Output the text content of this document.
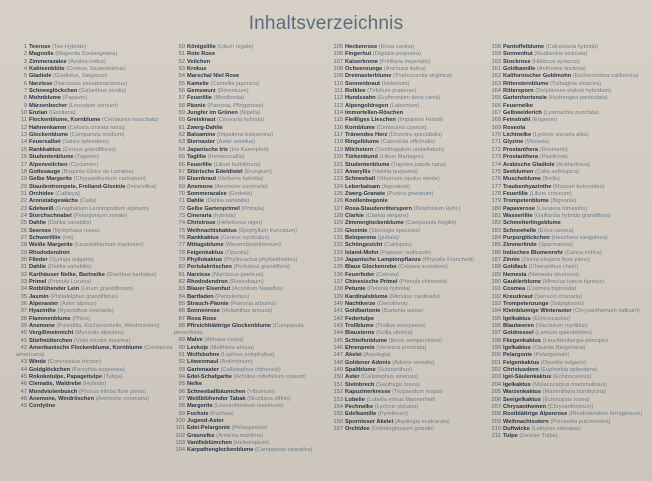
Inhaltsverzeichnis
1 Teerose (Tee-Hybride)
2 Magnolie (Magnolia Soulangeana)
3 Zimmerazalee (Azalea indica)
4 Kakteenblüte (Cereus, Saulenkaktus)
5 Gladiole (Gladiolus, Siegwurz)
6 Narzisse (Narcissus pseudonarcissus)
7 Schneeglöckchen (Galanthus nivalis)
8 Mohnblume (Papaver)
9 Märzenbecher (Leucojum vernum)
10 Enzian (Gentiana)
11 Flockenblume, Kornblume (Centaurea moschata)
12 Hahnenkamm (Celosia cristata nana)
13 Glockenblume (Campanula medium)
14 Feuersalbei (Salvia splendens)
15 Rankkaktus (Cereus grandiflorus)
16 Studentenblume (Tagetes)
17 Alpenveilchen (Cyclamen)
18 Gottesauge (Begonia Gloire de Lorraine)
19 Gelbe Margerite (Chrysanthemum carinatum)
20 Staudentrompete, Freiland-Gloxinie (Incarvillea)
21 Orchidee (Cattleya)
22 Aronstabgewächs (Calla)
23 Edelweiß (Gnaphalium Leontopodium alpinum)
24 Storchschnabel (Pelargonium zonale)
25 Dahlie (Dahlia variabilis)
26 Seerose (Nymphaea rosea)
27 Schwertlilie (Iris)
28 Weiße Margerite (Leucanthemum maximum)
29 Rhododendron
30 Flieder (Syringa vulgaris)
31 Dahlie (Dahlia variabilis)
32 Karthäuser Nelke, Bartnelke (Dianthus barbatus)
33 Primel (Primula Lucana)
34 Rotblühender Lein (Linum grandiflorum)
35 Jasmin (Philadelphus grandiflorus)
36 Alpenaster (Aster alpinus)
37 Hyazinthe (Hyacinthus orientalis)
38 Flammenblume (Phlox)
39 Anemone (Pulsatilla, Küchenschelle, Windröschen)
40 Vergißmeinnicht (Myosotis alpestris)
41 Stiefmütterchen (Viola tricolor maxima)
42 Amerikanische Flockenblume, Kornblume (Centaurea americana)
43 Winde (Convolvulus tricolor)
44 Goldglöckchen (Forsythia suspensa)
45 Rokokotulpe, Papageitulpe (Tulipa)
46 Clematis, Waldrebe (Hybride)
47 Mondviolenbusch (Prunus triloba flore pleno)
48 Anemone, Windröschen (Anemone coronaria)
49 Cordyline
50 Königslilie (Lilium regale)
51 Rote Rose
52 Veilchen
53 Krokus
54 Marschal Niel Rose
55 Kamelie (Camellia japonica)
56 Gemswurz (Doronicum)
57 Feuerlilie (Montbretia)
58 Päonie (Paeonia, Pfingstrose)
59 Jungfer im Grünen (Nigella)
60 Greiskraut (Cineraria hybrida)
61 Zwerg-Dahlie
62 Balsamine (Impatiens balsamina)
63 Sternaster (Aster amellus)
64 Japanische Iris (Iris Kaempferi)
65 Taglilie (Hemerocallis)
66 Feuerlilie (Lilium bulbiferum)
67 Sibirische Edeldistel (Eryngium)
68 Eisenkraut (Verbena hybrida)
69 Anemone (Anemone coronaria)
70 Sommerazalee (Godetia)
71 Dahlie (Dahlia variabilis)
72 Gelbe Gartenprimel (Primula)
73 Cineraria (hybrida)
74 Christrose (Helleborus niger)
75 Weihnachtskaktus (Epiphyllum truncatum)
76 Rankkaktus (Cereus nycticalus)
77 Mittagsblume (Mesembrianthemum)
78 Feigenkaktus (Opuntia)
79 Phyllokaktus (Phyllocactus phyllanthoides)
80 Portulakröschen (Portulaca grandiflora)
81 Narzisse (Narcissus poeticus)
82 Rhododendron (Rosenbaum)
83 Blauer Eisenhut (Aconitum Napellus)
84 Bartfaden (Pentstemon)
85 Strauch-Päonie (Paeonia arborea)
86 Sonnenrose (Helianthus annuus)
87 Rosa Rose
88 Pfirsichblättrige Glockenblume (Campanula persicifolia)
89 Malve (Althaea rosea)
90 Levkoje (Matthiola annua)
91 Wolfsbohne (Lupinus polyphyllus)
92 Löwenmaul (Antirrhinum)
93 Gartenaster (Callistephus chinensis)
94 Edel-Schafgarbe (Achillea millefolium roseum)
95 Nelke
96 Schneeballbäumchen (Viburnum)
97 Weißblühender Tabak (Nicotiana affinis)
98 Margerite (Leucanthemum maximum)
99 Fuchsie (Fuchsia)
100 Jugend-Aster
101 Edel-Pelargonie (Pelargonium)
102 Grasnelke (Armeria maritima)
103 Vanilleblümchen (Heliotropium)
104 Karpathenglockenblume (Campanula carpatica)
105 Heckenrose (Rosa canina)
106 Fingerhut (Digitalis purpurea)
107 Kaiserkrone (Fritillaria imperialis)
108 Ochsenzunge (Anchusa italica)
109 Dreimasterblume (Tradescantia virginica)
110 Sonnenbraut (Helenium)
111 Rotklee (Trifolium pratense)
112 Hundszahn (Erythronium dens canis)
113 Alpengoldregen (Laburnum)
114 Immortellen-Röschen
115 Fleißiges Lieschen (Impatiens Holstii)
116 Kornblume (Centaurea cyanus)
117 Tränendes Herz (Dicentra spectabilis)
118 Ringelblume (Calendula officinalis)
119 Milchstern (Ornithogalum umbellatum)
120 Türkenbund (Lilium Martagon)
121 Studentenblume (Tagetes patula nana)
122 Amaryllis (Valotta purpurea)
123 Schneeball (Viburnum opulus sterile)
124 Leberbalsam (Ageratum)
125 Zwerg-Granate (Punica granatum)
126 Knollenbegonie
127 Rosa-Staudenrittersporn (Delphinium Hybr.)
128 Clarkie (Clarkia elegans)
129 Zimmerglockenblume (Campanula fragilis)
130 Gloxinie (Sinningia speciosa)
131 Beloperone (guttata)
132 Schöngesicht (Calliopsis)
133 Island-Mohn (Papaver nudicaule)
134 Japanische Lampionpflanze (Physalis Franchetii)
135 Blaue Glockenrebe (Cobaea scandens)
136 Feuerfeder (Celosia)
137 Chinesische Primel (Primula chinensis)
138 Petunie (Petunia hybrida)
139 Kardinalsblume (Mimulus cardinalis)
140 Nachtkerze (Oenothera)
141 Goldbartonie (Bartonia aurea)
142 Federtulpe
143 Trollblume (Trollius europaeus)
144 Blausterne (Scilla sibirica)
145 Schleifenblume (Iberis sempervirens)
146 Ehrenpreis (Veronica prostrata)
147 Akelei (Aquilegia)
148 Goldener Adonis (Adonis vernalis)
149 Spaltblume (Schizanthus)
150 Aster (Callistephus sinensis)
151 Steinbrech (Saxifraga rosea)
152 Kapuzinerkresse (Tropaeolum majus)
153 Lobelie (Lobelia erinus Mannerheil)
154 Pechnelke (Lychnis viscaria)
155 Edelkamille (Pyrethrum)
156 Spornloser Akelei (Aquilegia ecalcarata)
157 Orchidee (Odontoglossum grande)
158 Pantoffelblume (Calceolaria hybrida)
159 Sonnenhut (Rudbeckia laciniata)
160 Stockrose (Hibiscus syriacus)
161 Goldkamille (Anthemis tinctoria)
162 Kalifornischer Goldmohn (Eschscholtzia californica)
163 Rittersternblume (Tulbaghia violacea)
164 Rittersporn (Delphinium elatum hybridum)
165 Gartenhortensie (Hydrangea paniculata)
166 Feuernelke
167 Gelbweiderich (Lysimachia punctata)
168 Feinstrahl (Erigeron)
169 Roseola
170 Lichtnelke (Lychnis viscaria alba)
171 Glyzine (Wistaria)
172 Prostanthera (Rosmarin)
173 Prostanthera (Pavillonia)
174 Arabische Gladiole (Acidanthera)
175 Seeblumen (Calla aethiopica)
176 Muscheblume (Bellis)
177 Traubenhyazinthe (Muscari botryoides)
178 Feuerlilie (Lilium croceum)
179 Trompetenblume (Bignonia)
180 Papaverose (Lavatera trimestris)
181 Wasserlilie (Gaillardia hybrida grandiflora)
182 Schmetterlingsblume
183 Schneehelle (Erica carnea)
184 Purpurglöckchen (Heuchera sanguinea)
185 Zimmerlinde (Sparmannia)
186 Indisches Blumenrohr (Canna indica)
187 Zinnie (Zinnia elegans flore pleno)
188 Goldlack (Cheiranthus cheiri)
189 Nemesia (Nemesia strumosa)
190 Gauklerblume (Mimulus luteus tigrinus)
191 Cosmea (Cosmea bipinnata)
192 Kreuzkraut (Senecio cineraria)
193 Trompetenzunge (Salpiglossis)
194 Kleinblumige Winteraster (Chrysanthemum indicum)
195 Igelkaktus (Echinocactus)
196 Blaubeeren (Vaccinium myrtillus)
197 Goldnessel (Lamium galeobdolon)
198 Fliegenkaktus (Leuchtenbergia principis)
199 Igelkaktus (Opuntia Bergeriana)
200 Pelargonie (Pelargonium)
201 Feigenkaktus (Opuntia vulgaris)
202 Christusdorn (Euphorbia splendens)
203 Igel-Säulenkaktus (Echinocereus)
204 Igelkaktus (Malacocarpus mammulosus)
205 Warzenkaktus (Mammillaria bombycina)
206 Seeigelkaktus (Echinopsis rosea)
207 Chrysanthemen (Chrysanthemum)
208 Rostblättrige Alpenrose (Rhododendron ferrugineum)
209 Weihnachtsstern (Poinsettia pulcherrima)
210 Duftwicke (Lathyrus odoratus)
211 Tulpe (Gesner-Tulpe)
